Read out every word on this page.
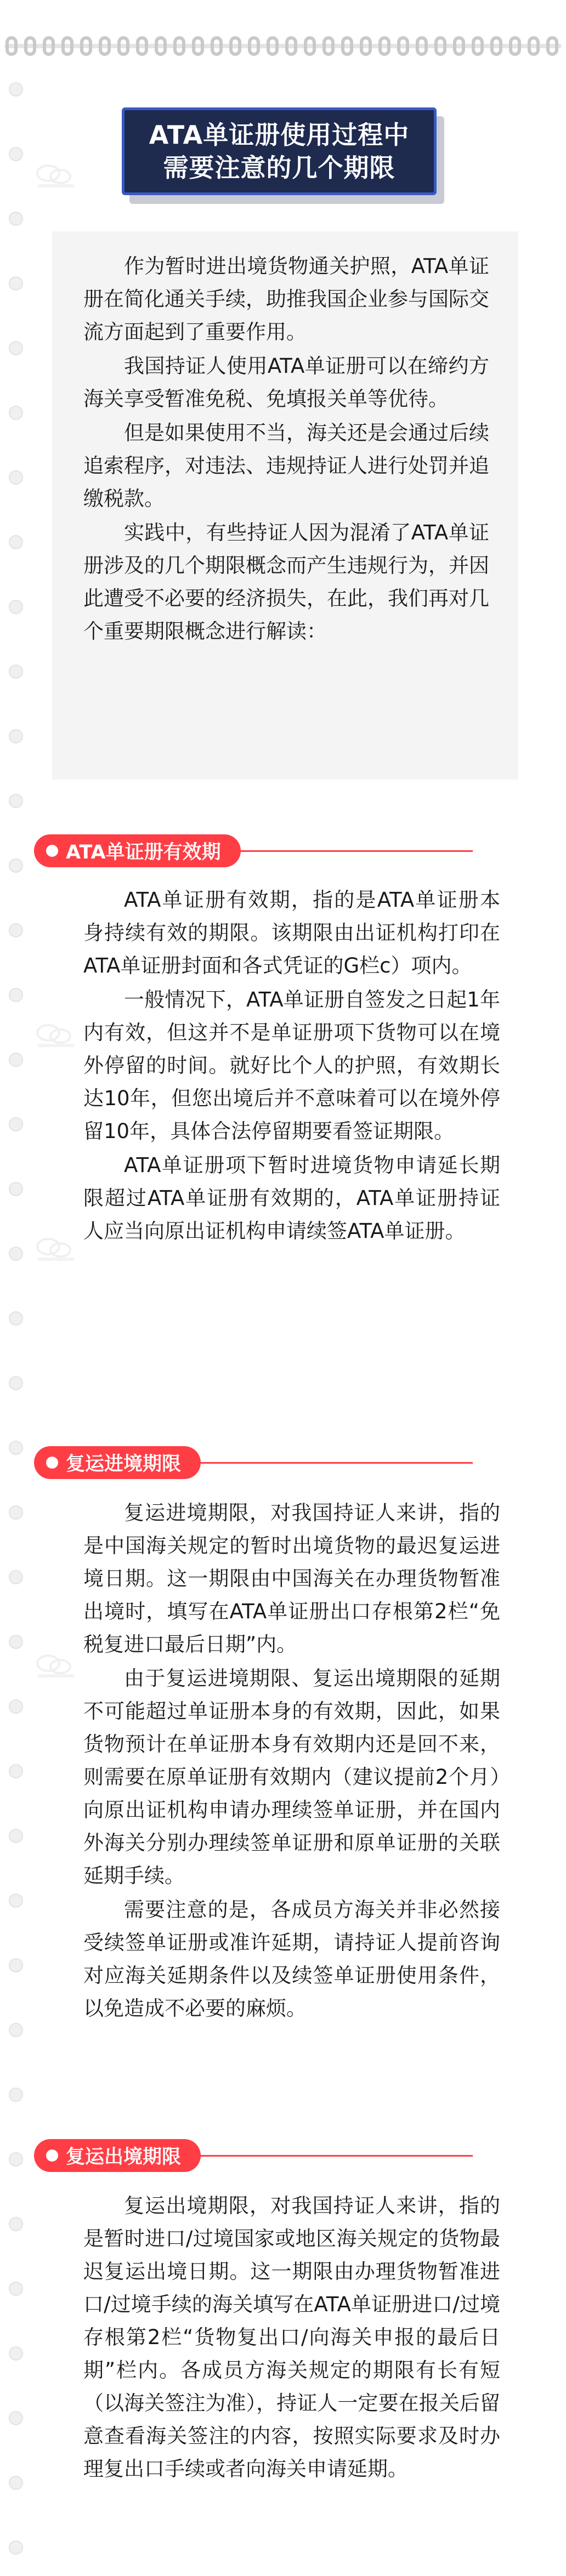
ATA单证册使用过程中
需要注意的几个期限

作为暂时进出境货物通关护照，ATA单证册在简化通关手续，助推我国企业参与国际交流方面起到了重要作用。

我国持证人使用ATA单证册可以在缔约方海关享受暂准免税、免填报关单等优待。

但是如果使用不当，海关还是会通过后续追索程序，对违法、违规持证人进行处罚并追缴税款。

实践中，有些持证人因为混淆了ATA单证册涉及的几个期限概念而产生违规行为，并因此遭受不必要的经济损失，在此，我们再对几个重要期限概念进行解读：

ATA单证册有效期

ATA单证册有效期，指的是ATA单证册本身持续有效的期限。该期限由出证机构打印在ATA单证册封面和各式凭证的G栏c）项内。

一般情况下，ATA单证册自签发之日起1年内有效，但这并不是单证册项下货物可以在境外停留的时间。就好比个人的护照，有效期长达10年，但您出境后并不意味着可以在境外停留10年，具体合法停留期要看签证期限。

ATA单证册项下暂时进境货物申请延长期限超过ATA单证册有效期的，ATA单证册持证人应当向原出证机构申请续签ATA单证册。

复运进境期限

复运进境期限，对我国持证人来讲，指的是中国海关规定的暂时出境货物的最迟复运进境日期。这一期限由中国海关在办理货物暂准出境时，填写在ATA单证册出口存根第2栏“免税复进口最后日期”内。

由于复运进境期限、复运出境期限的延期不可能超过单证册本身的有效期，因此，如果货物预计在单证册本身有效期内还是回不来，则需要在原单证册有效期内（建议提前2个月）向原出证机构申请办理续签单证册，并在国内外海关分别办理续签单证册和原单证册的关联延期手续。

需要注意的是，各成员方海关并非必然接受续签单证册或准许延期，请持证人提前咨询对应海关延期条件以及续签单证册使用条件，以免造成不必要的麻烦。

复运出境期限

复运出境期限，对我国持证人来讲，指的是暂时进口/过境国家或地区海关规定的货物最迟复运出境日期。这一期限由办理货物暂准进口/过境手续的海关填写在ATA单证册进口/过境存根第2栏“货物复出口/向海关申报的最后日期”栏内。各成员方海关规定的期限有长有短（以海关签注为准），持证人一定要在报关后留意查看海关签注的内容，按照实际要求及时办理复出口手续或者向海关申请延期。
